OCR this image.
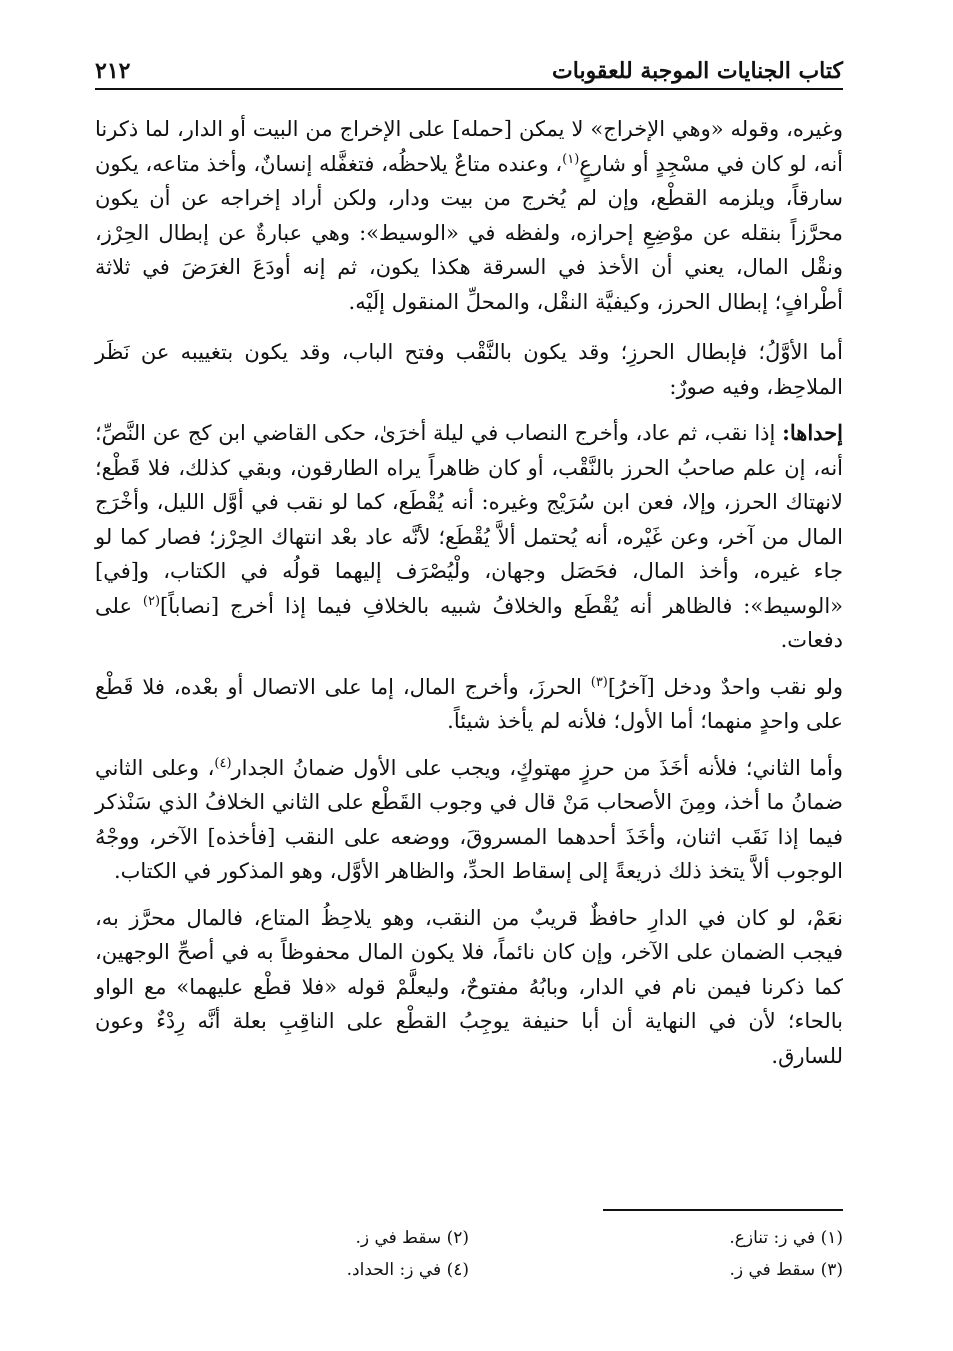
كتاب الجنايات الموجبة للعقوبات
٢١٢

وغيره، وقوله «وهي الإخراج» لا يمكن [حمله] على الإخراج من البيت أو الدار، لما ذكرنا أنه، لو كان في مسْجِدٍ أو شارعٍ$^{(١)}$، وعنده متاعٌ يلاحظُه، فتغفَّله إنسانٌ، وأخذ متاعه، يكون سارقاً، ويلزمه القطْع، وإن لم يُخرج من بيت ودار، ولكن أراد إخراجه عن أن يكون محرَّزاً بنقله عن موْضِعِ إحرازه، ولفظه في «الوسيط»: وهي عبارةٌ عن إبطال الحِرْز، ونقْل المال، يعني أن الأخذ في السرقة هكذا يكون، ثم إنه أودَعَ الغرَضَ في ثلاثة أطْرافٍ؛ إبطال الحرز، وكيفيَّة النقْل، والمحلِّ المنقول إلَيْه.

أما الأوَّلُ؛ فإبطال الحرزِ؛ وقد يكون بالنَّقْب وفتح الباب، وقد يكون بتغييبه عن نَظَر الملاحِظ، وفيه صورٌ:

إحداها: إذا نقب، ثم عاد، وأخرج النصاب في ليلة أخرَىٰ، حكى القاضي ابن كج عن النَّصِّ؛ أنه، إن علم صاحبُ الحرز بالنَّقْب، أو كان ظاهراً يراه الطارقون، وبقي كذلك، فلا قَطْع؛ لانهتاك الحرز، وإلا، فعن ابن سُرَيْج وغيره: أنه يُقْطَع، كما لو نقب في أوَّل الليل، وأخْرَج المال من آخر، وعن غَيْره، أنه يُحتمل ألاَّ يُقْطَع؛ لأنَّه عاد بعْد انتهاك الحِرْز؛ فصار كما لو جاء غيره، وأخذ المال، فحَصَل وجهان، ولْيُصْرَف إليهما قولُه في الكتاب، و[في] «الوسيط»: فالظاهر أنه يُقْطَع والخلافُ شبيه بالخلافِ فيما إذا أخرج [نصاباً]$^{(٢)}$ على دفعات.

ولو نقب واحدٌ ودخل [آخرُ]$^{(٣)}$ الحرزَ، وأخرج المال، إما على الاتصال أو بعْده، فلا قَطْع على واحدٍ منهما؛ أما الأول؛ فلأنه لم يأخذ شيئاً.

وأما الثاني؛ فلأنه أخَذَ من حرزٍ مهتوكٍ، ويجب على الأول ضمانُ الجدار$^{(٤)}$، وعلى الثاني ضمانُ ما أخذ، ومِنَ الأصحاب مَنْ قال في وجوب القَطْع على الثاني الخلافُ الذي سَنْذكر فيما إذا نَقَب اثنان، وأخَذَ أحدهما المسروقَ، ووضعه على النقب [فأخذه] الآخر، ووجْهُ الوجوب ألاَّ يتخذ ذلك ذريعةً إلى إسقاط الحدِّ، والظاهر الأوَّل، وهو المذكور في الكتاب.

نعَمْ، لو كان في الدارِ حافظٌ قريبٌ من النقب، وهو يلاحِظُ المتاع، فالمال محرَّز به، فيجب الضمان على الآخر، وإن كان نائماً، فلا يكون المال محفوظاً به في أصحِّ الوجهين، كما ذكرنا فيمن نام في الدار، وبابُهُ مفتوحٌ، وليعلَّمْ قوله «فلا قطْع عليهما» مع الواو بالحاء؛ لأن في النهاية أن أبا حنيفة يوجِبُ القطْع على الناقِبِ بعلة أنَّه رِدْءٌ وعون للسارق.

(١) في ز: تنازع.
(٢) سقط في ز.
(٣) سقط في ز.
(٤) في ز: الحداد.
